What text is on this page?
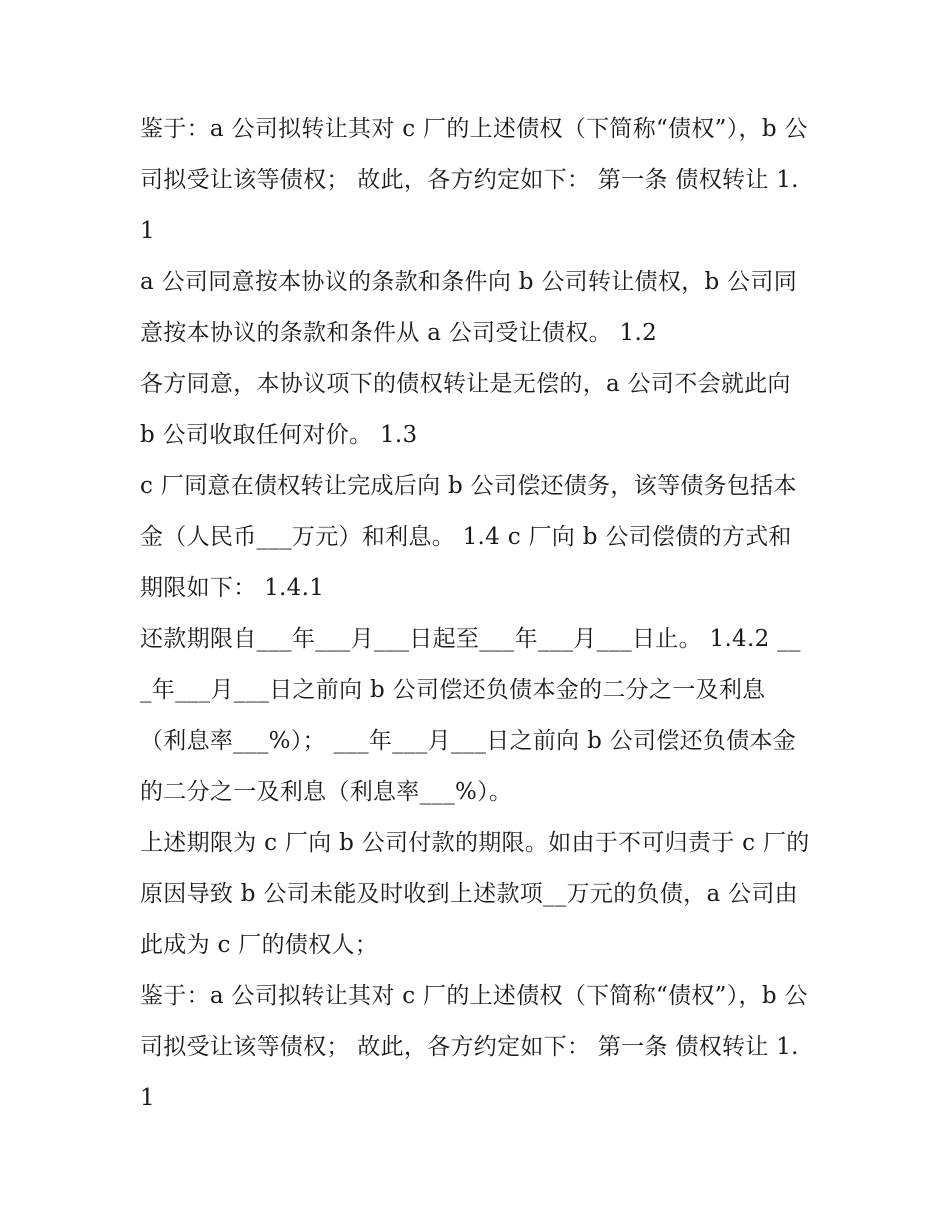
鉴于：a 公司拟转让其对 c 厂的上述债权（下简称“债权”），b 公司拟受让该等债权； 故此，各方约定如下： 第一条 债权转让 1.1

a 公司同意按本协议的条款和条件向 b 公司转让债权，b 公司同意按本协议的条款和条件从 a 公司受让债权。 1.2

各方同意，本协议项下的债权转让是无偿的，a 公司不会就此向 b 公司收取任何对价。 1.3

c 厂同意在债权转让完成后向 b 公司偿还债务，该等债务包括本金（人民币___万元）和利息。 1.4 c 厂向 b 公司偿债的方式和期限如下： 1.4.1

还款期限自___年___月___日起至___年___月___日止。 1.4.2 ___年___月___日之前向 b 公司偿还负债本金的二分之一及利息（利息率___%）； ___年___月___日之前向 b 公司偿还负债本金的二分之一及利息（利息率___%）。

上述期限为 c 厂向 b 公司付款的期限。如由于不可归责于 c 厂的原因导致 b 公司未能及时收到上述款项__万元的负债，a 公司由此成为 c 厂的债权人；

鉴于：a 公司拟转让其对 c 厂的上述债权（下简称“债权”），b 公司拟受让该等债权； 故此，各方约定如下： 第一条 债权转让 1.1
